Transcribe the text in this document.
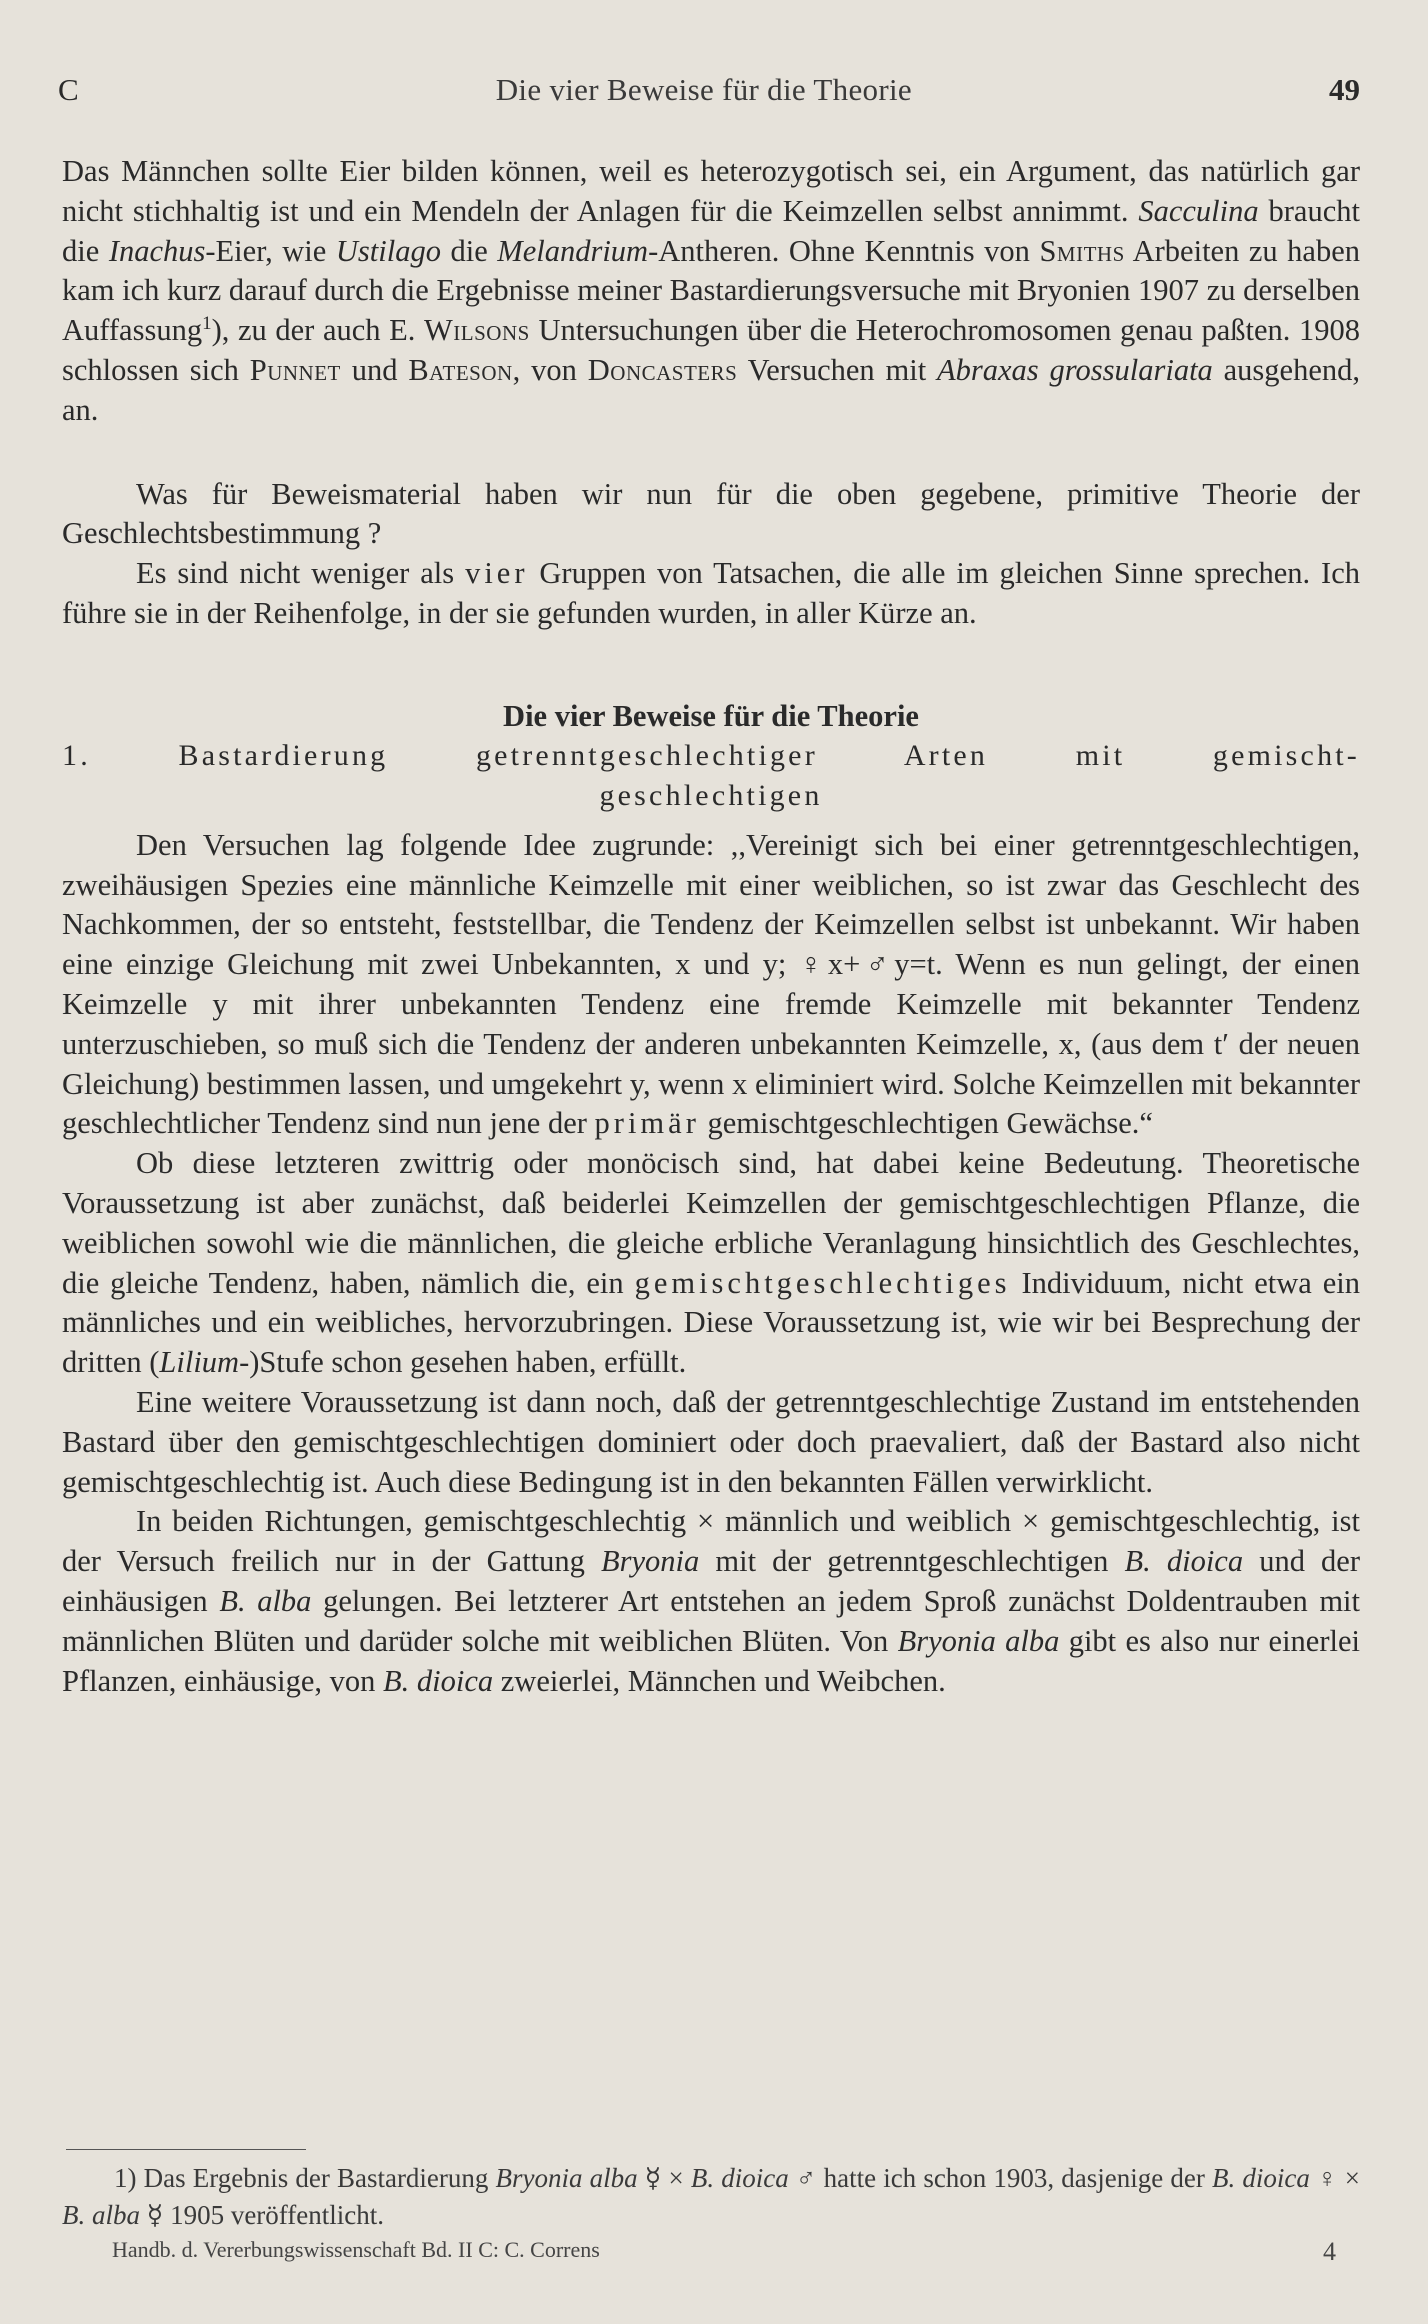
C	Die vier Beweise für die Theorie	49

Das Männchen sollte Eier bilden können, weil es heterozygotisch sei, ein Argument, das natürlich gar nicht stichhaltig ist und ein Mendeln der Anlagen für die Keimzellen selbst annimmt. Sacculina braucht die Inachus-Eier, wie Ustilago die Melandrium-Antheren. Ohne Kenntnis von Smiths Arbeiten zu haben kam ich kurz darauf durch die Ergebnisse meiner Bastardierungsversuche mit Bryonien 1907 zu derselben Auffassung$^1$), zu der auch E. Wilsons Untersuchungen über die Heterochromosomen genau paßten. 1908 schlossen sich Punnet und Bateson, von Doncasters Versuchen mit Abraxas grossulariata ausgehend, an.

Was für Beweismaterial haben wir nun für die oben gegebene, primitive Theorie der Geschlechtsbestimmung ?

Es sind nicht weniger als vier Gruppen von Tatsachen, die alle im gleichen Sinne sprechen. Ich führe sie in der Reihenfolge, in der sie gefunden wurden, in aller Kürze an.

Die vier Beweise für die Theorie
1. Bastardierung getrenntgeschlechtiger Arten mit gemischt-
geschlechtigen

Den Versuchen lag folgende Idee zugrunde: ,,Vereinigt sich bei einer getrenntgeschlechtigen, zweihäusigen Spezies eine männliche Keimzelle mit einer weiblichen, so ist zwar das Geschlecht des Nachkommen, der so entsteht, feststellbar, die Tendenz der Keimzellen selbst ist unbekannt. Wir haben eine einzige Gleichung mit zwei Unbekannten, x und y; ♀x+♂y=t. Wenn es nun gelingt, der einen Keimzelle y mit ihrer unbekannten Tendenz eine fremde Keimzelle mit bekannter Tendenz unterzuschieben, so muß sich die Tendenz der anderen unbekannten Keimzelle, x, (aus dem t′ der neuen Gleichung) bestimmen lassen, und umgekehrt y, wenn x eliminiert wird. Solche Keimzellen mit bekannter geschlechtlicher Tendenz sind nun jene der primär gemischtgeschlechtigen Gewächse.“

Ob diese letzteren zwittrig oder monöcisch sind, hat dabei keine Bedeutung. Theoretische Voraussetzung ist aber zunächst, daß beiderlei Keimzellen der gemischtgeschlechtigen Pflanze, die weiblichen sowohl wie die männlichen, die gleiche erbliche Veranlagung hinsichtlich des Geschlechtes, die gleiche Tendenz, haben, nämlich die, ein gemischtgeschlechtiges Individuum, nicht etwa ein männliches und ein weibliches, hervorzubringen. Diese Voraussetzung ist, wie wir bei Besprechung der dritten (Lilium-)Stufe schon gesehen haben, erfüllt.

Eine weitere Voraussetzung ist dann noch, daß der getrenntgeschlechtige Zustand im entstehenden Bastard über den gemischtgeschlechtigen dominiert oder doch praevaliert, daß der Bastard also nicht gemischtgeschlechtig ist. Auch diese Bedingung ist in den bekannten Fällen verwirklicht.

In beiden Richtungen, gemischtgeschlechtig × männlich und weiblich × gemischtgeschlechtig, ist der Versuch freilich nur in der Gattung Bryonia mit der getrenntgeschlechtigen B. dioica und der einhäusigen B. alba gelungen. Bei letzterer Art entstehen an jedem Sproß zunächst Doldentrauben mit männlichen Blüten und darüder solche mit weiblichen Blüten. Von Bryonia alba gibt es also nur einerlei Pflanzen, einhäusige, von B. dioica zweierlei, Männchen und Weibchen.

1) Das Ergebnis der Bastardierung Bryonia alba ☿ × B. dioica ♂ hatte ich schon 1903, dasjenige der B. dioica ♀ × B. alba ☿ 1905 veröffentlicht.

Handb. d. Vererbungswissenschaft Bd. II C: C. Correns	4
